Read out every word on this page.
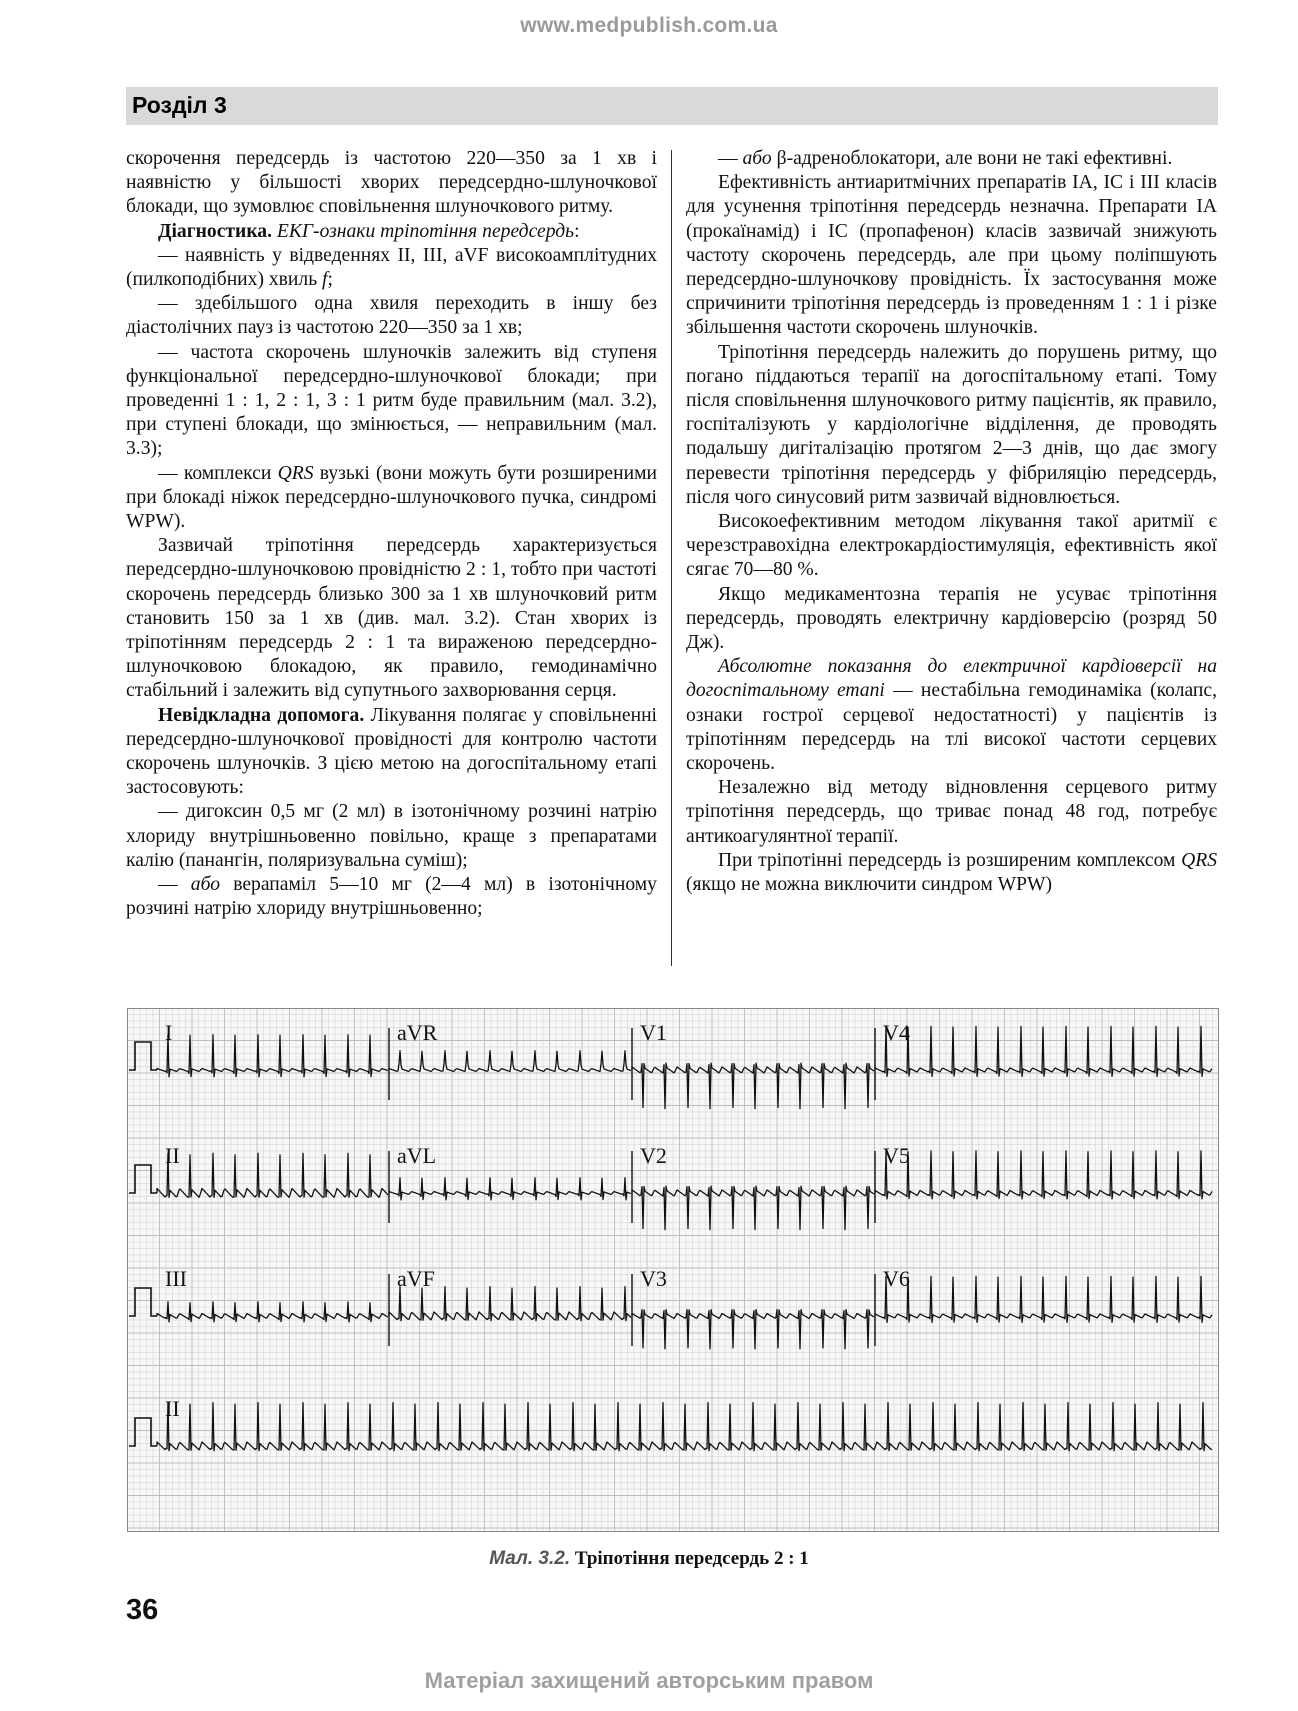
www.medpublish.com.ua
Розділ 3

скорочення передсердь із частотою 220—350 за 1 хв і наявністю у більшості хворих передсердно-шлуночкової блокади, що зумовлює сповільнення шлуночкового ритму.

Діагностика. ЕКГ-ознаки тріпотіння передсердь:

— наявність у відведеннях II, III, aVF високоамплітудних (пилкоподібних) хвиль f;

— здебільшого одна хвиля переходить в іншу без діастолічних пауз із частотою 220—350 за 1 хв;

— частота скорочень шлуночків залежить від ступеня функціональної передсердно-шлуночкової блокади; при проведенні 1 : 1, 2 : 1, 3 : 1 ритм буде правильним (мал. 3.2), при ступені блокади, що змінюється, — неправильним (мал. 3.3);

— комплекси QRS вузькі (вони можуть бути розширеними при блокаді ніжок передсердно-шлуночкового пучка, синдромі WPW).

Зазвичай тріпотіння передсердь характеризується передсердно-шлуночковою провідністю 2 : 1, тобто при частоті скорочень передсердь близько 300 за 1 хв шлуночковий ритм становить 150 за 1 хв (див. мал. 3.2). Стан хворих із тріпотінням передсердь 2 : 1 та вираженою передсердно-шлуночковою блокадою, як правило, гемодинамічно стабільний і залежить від супутнього захворювання серця.

Невідкладна допомога. Лікування полягає у сповільненні передсердно-шлуночкової провідності для контролю частоти скорочень шлуночків. З цією метою на догоспітальному етапі застосовують:

— дигоксин 0,5 мг (2 мл) в ізотонічному розчині натрію хлориду внутрішньовенно повільно, краще з препаратами калію (панангін, поляризувальна суміш);

— або верапаміл 5—10 мг (2—4 мл) в ізотонічному розчині натрію хлориду внутрішньовенно;

— або β-адреноблокатори, але вони не такі ефективні.

Ефективність антиаритмічних препаратів IA, IC і III класів для усунення тріпотіння передсердь незначна. Препарати IA (прокаїнамід) і IC (пропафенон) класів зазвичай знижують частоту скорочень передсердь, але при цьому поліпшують передсердно-шлуночкову провідність. Їх застосування може спричинити тріпотіння передсердь із проведенням 1 : 1 і різке збільшення частоти скорочень шлуночків.

Тріпотіння передсердь належить до порушень ритму, що погано піддаються терапії на догоспітальному етапі. Тому після сповільнення шлуночкового ритму пацієнтів, як правило, госпіталізують у кардіологічне відділення, де проводять подальшу дигіталізацію протягом 2—3 днів, що дає змогу перевести тріпотіння передсердь у фібриляцію передсердь, після чого синусовий ритм зазвичай відновлюється.

Високоефективним методом лікування такої аритмії є черезстравохідна електрокардіостимуляція, ефективність якої сягає 70—80 %.

Якщо медикаментозна терапія не усуває тріпотіння передсердь, проводять електричну кардіоверсію (розряд 50 Дж).

Абсолютне показання до електричної кардіоверсії на догоспітальному етапі — нестабільна гемодинаміка (колапс, ознаки гострої серцевої недостатності) у пацієнтів із тріпотінням передсердь на тлі високої частоти серцевих скорочень.

Незалежно від методу відновлення серцевого ритму тріпотіння передсердь, що триває понад 48 год, потребує антикоагулянтної терапії.

При тріпотінні передсердь із розширеним комплексом QRS (якщо не можна виключити синдром WPW)

I	aVR	V1	V4
II	aVL	V2	V5
III	aVF	V3	V6
II
Мал. 3.2. Тріпотіння передсердь 2 : 1
36
Матеріал захищений авторським правом
